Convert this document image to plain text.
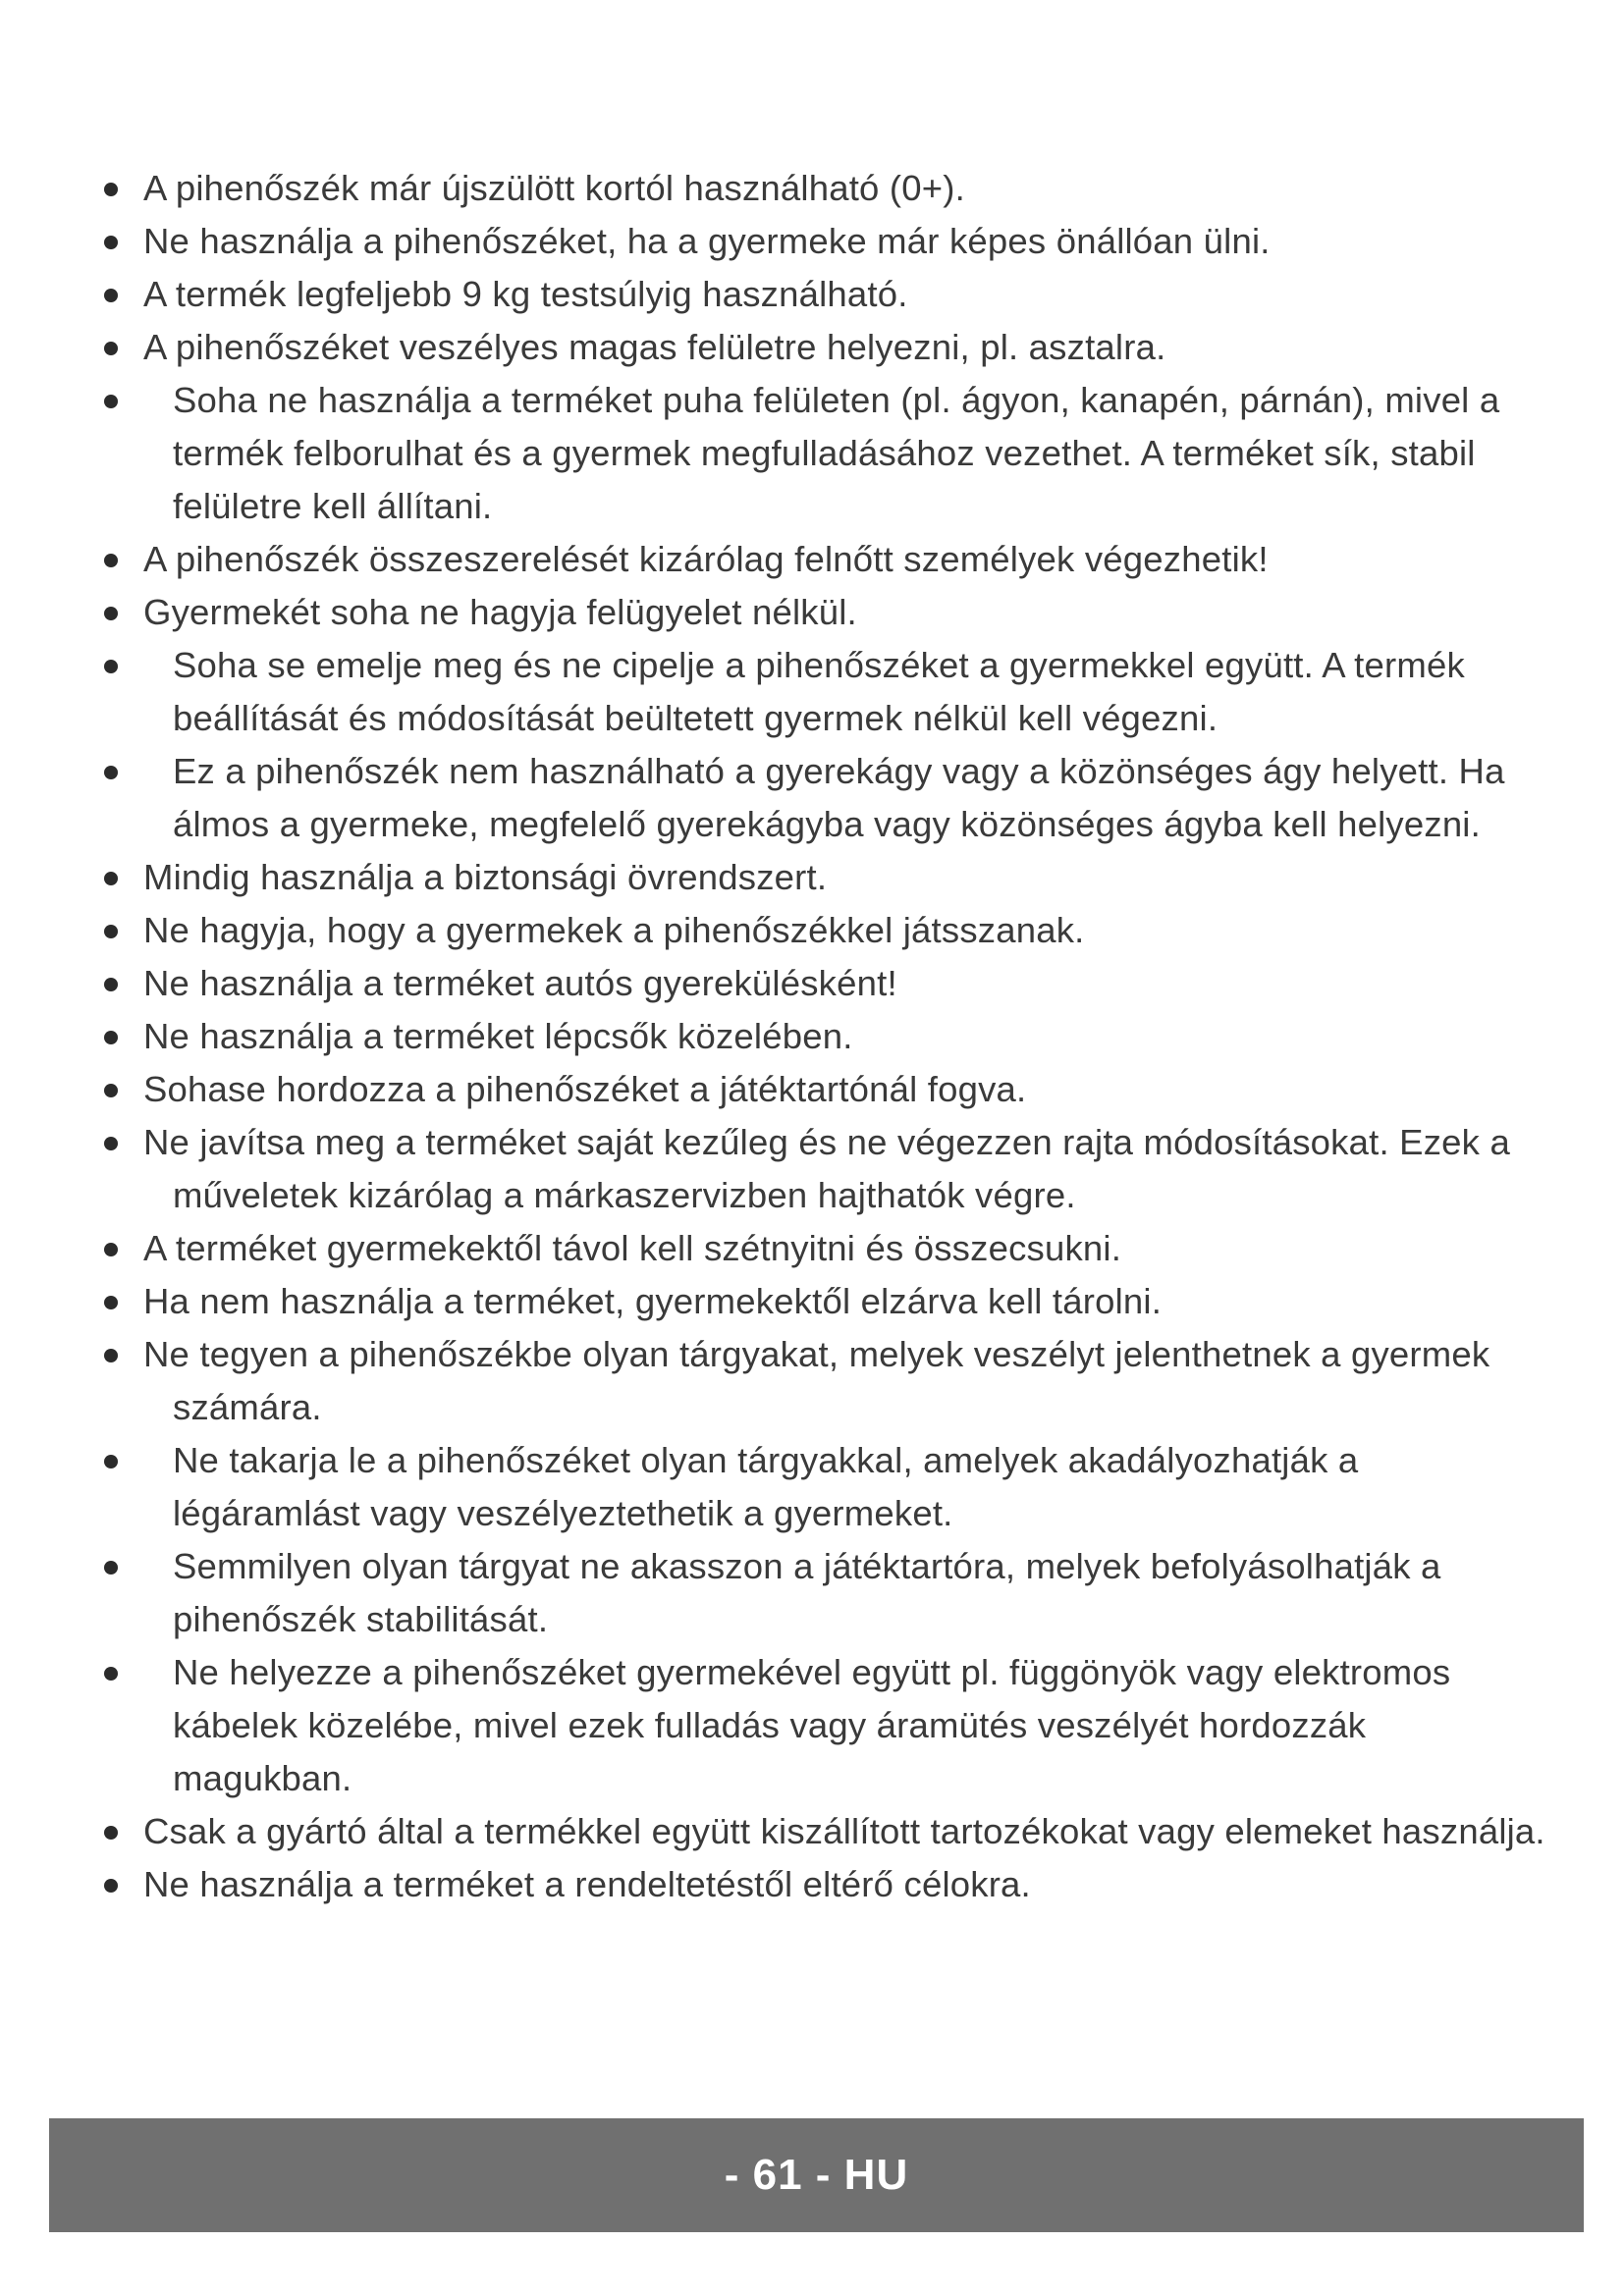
A pihenőszék már újszülött kortól használható (0+).
Ne használja a pihenőszéket, ha a gyermeke már képes önállóan ülni.
A termék legfeljebb 9 kg testsúlyig használható.
A pihenőszéket veszélyes magas felületre helyezni, pl. asztalra.
Soha ne használja a terméket puha felületen (pl. ágyon, kanapén, párnán), mivel a termék felborulhat és a gyermek megfulladásához vezethet. A terméket sík, stabil felületre kell állítani.
A pihenőszék összeszerelését kizárólag felnőtt személyek végezhetik!
Gyermekét soha ne hagyja felügyelet nélkül.
Soha se emelje meg és ne cipelje a pihenőszéket a gyermekkel együtt. A termék beállítását és módosítását beültetett gyermek nélkül kell végezni.
Ez a pihenőszék nem használható a gyerekágy vagy a közönséges ágy helyett. Ha álmos a gyermeke, megfelelő gyerekágyba vagy közönséges ágyba kell helyezni.
Mindig használja a biztonsági övrendszert.
Ne hagyja, hogy a gyermekek a pihenőszékkel játsszanak.
Ne használja a terméket autós gyerekülésként!
Ne használja a terméket lépcsők közelében.
Sohase hordozza a pihenőszéket a játéktartónál fogva.
Ne javítsa meg a terméket saját kezűleg és ne végezzen rajta módosításokat. Ezek a műveletek kizárólag a márkaszervizben hajthatók végre.
A terméket gyermekektől távol kell szétnyitni és összecsukni.
Ha nem használja a terméket, gyermekektől elzárva kell tárolni.
Ne tegyen a pihenőszékbe olyan tárgyakat, melyek veszélyt jelenthetnek a gyermek számára.
Ne takarja le a pihenőszéket olyan tárgyakkal, amelyek akadályozhatják a légáramlást vagy veszélyeztethetik a gyermeket.
Semmilyen olyan tárgyat ne akasszon a játéktartóra, melyek befolyásolhatják a pihenőszék stabilitását.
Ne helyezze a pihenőszéket gyermekével együtt pl. függönyök vagy elektromos kábelek közelébe, mivel ezek fulladás vagy áramütés veszélyét hordozzák magukban.
Csak a gyártó által a termékkel együtt kiszállított tartozékokat vagy elemeket használja.
Ne használja a terméket a rendeltetéstől eltérő célokra.
- 61 - HU
